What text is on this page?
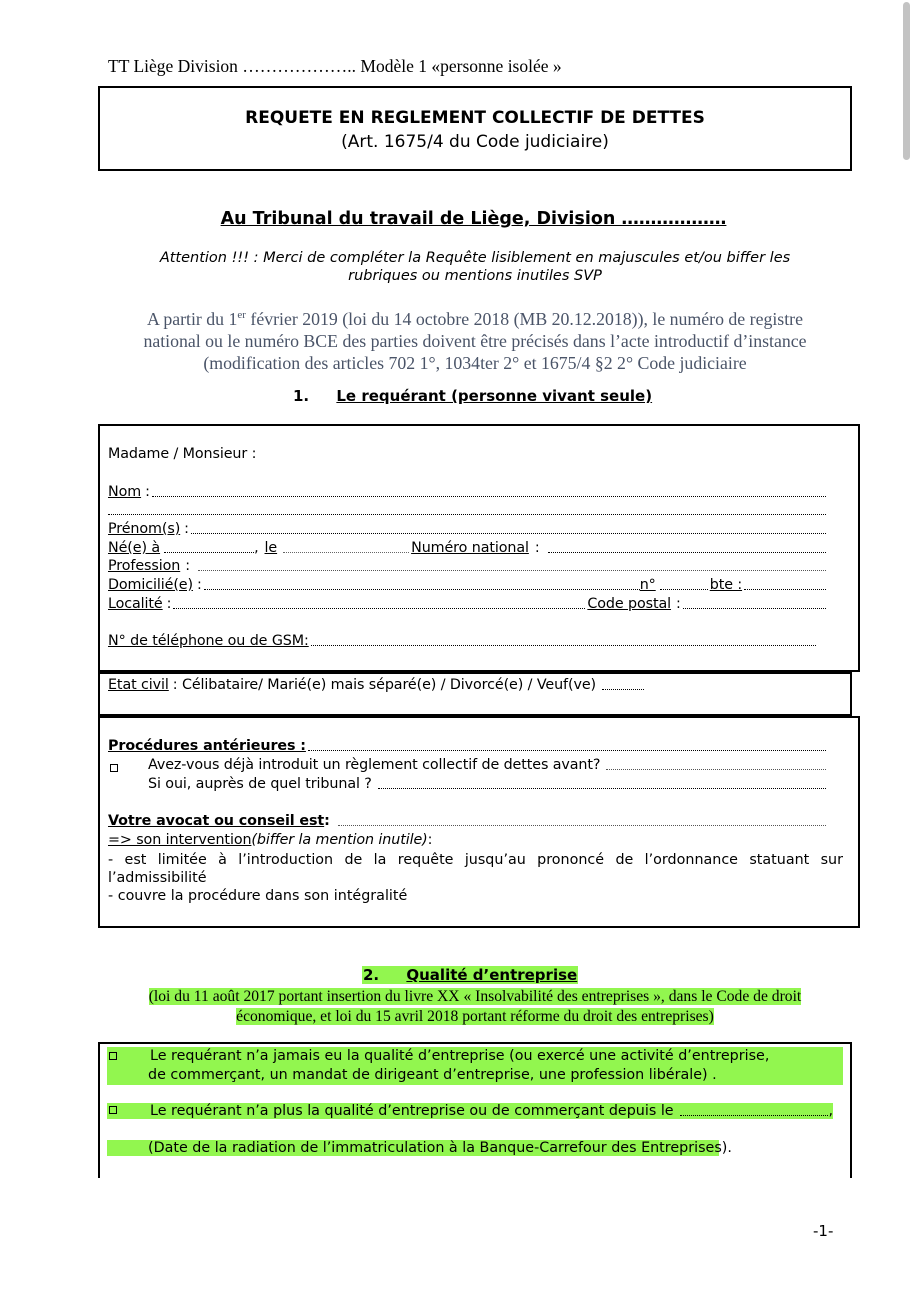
TT Liège Division ……………….. Modèle 1 «personne isolée »
REQUETE EN REGLEMENT COLLECTIF DE DETTES
(Art. 1675/4 du Code judiciaire)
Au Tribunal du travail de Liège, Division ………………
Attention !!! : Merci de compléter la Requête lisiblement en majuscules et/ou biffer les
rubriques ou mentions inutiles SVP
A partir du 1er février 2019 (loi du 14 octobre 2018 (MB 20.12.2018)), le numéro de registre
national ou le numéro BCE des parties doivent être précisés dans l’acte introductif d’instance
(modification des articles 702 1°, 1034ter 2° et 1675/4 §2 2° Code judiciaire
1. Le requérant (personne vivant seule)
Madame / Monsieur :
Nom :
Prénom(s) :
Né(e) à	, le	Numéro national :
Profession :
Domicilié(e) :	n°	bte :
Localité :	Code postal :
N° de téléphone ou de GSM:
Etat civil : Célibataire/ Marié(e) mais séparé(e) / Divorcé(e) / Veuf(ve)
Procédures antérieures :
Avez-vous déjà introduit un règlement collectif de dettes avant?
Si oui, auprès de quel tribunal ?
Votre avocat ou conseil est :
=> son intervention (biffer la mention inutile) :
- est limitée à l’introduction de la requête jusqu’au prononcé de l’ordonnance statuant sur l’admissibilité
- couvre la procédure dans son intégralité
2. Qualité d’entreprise
(loi du 11 août 2017 portant insertion du livre XX « Insolvabilité des entreprises », dans le Code de droit
économique, et loi du 15 avril 2018 portant réforme du droit des entreprises)
Le requérant n’a jamais eu la qualité d’entreprise (ou exercé une activité d’entreprise,
de commerçant, un mandat de dirigeant d’entreprise, une profession libérale) .
Le requérant n’a plus la qualité d’entreprise ou de commerçant depuis le	,
(Date de la radiation de l’immatriculation à la Banque-Carrefour des Entreprises).
-1-
